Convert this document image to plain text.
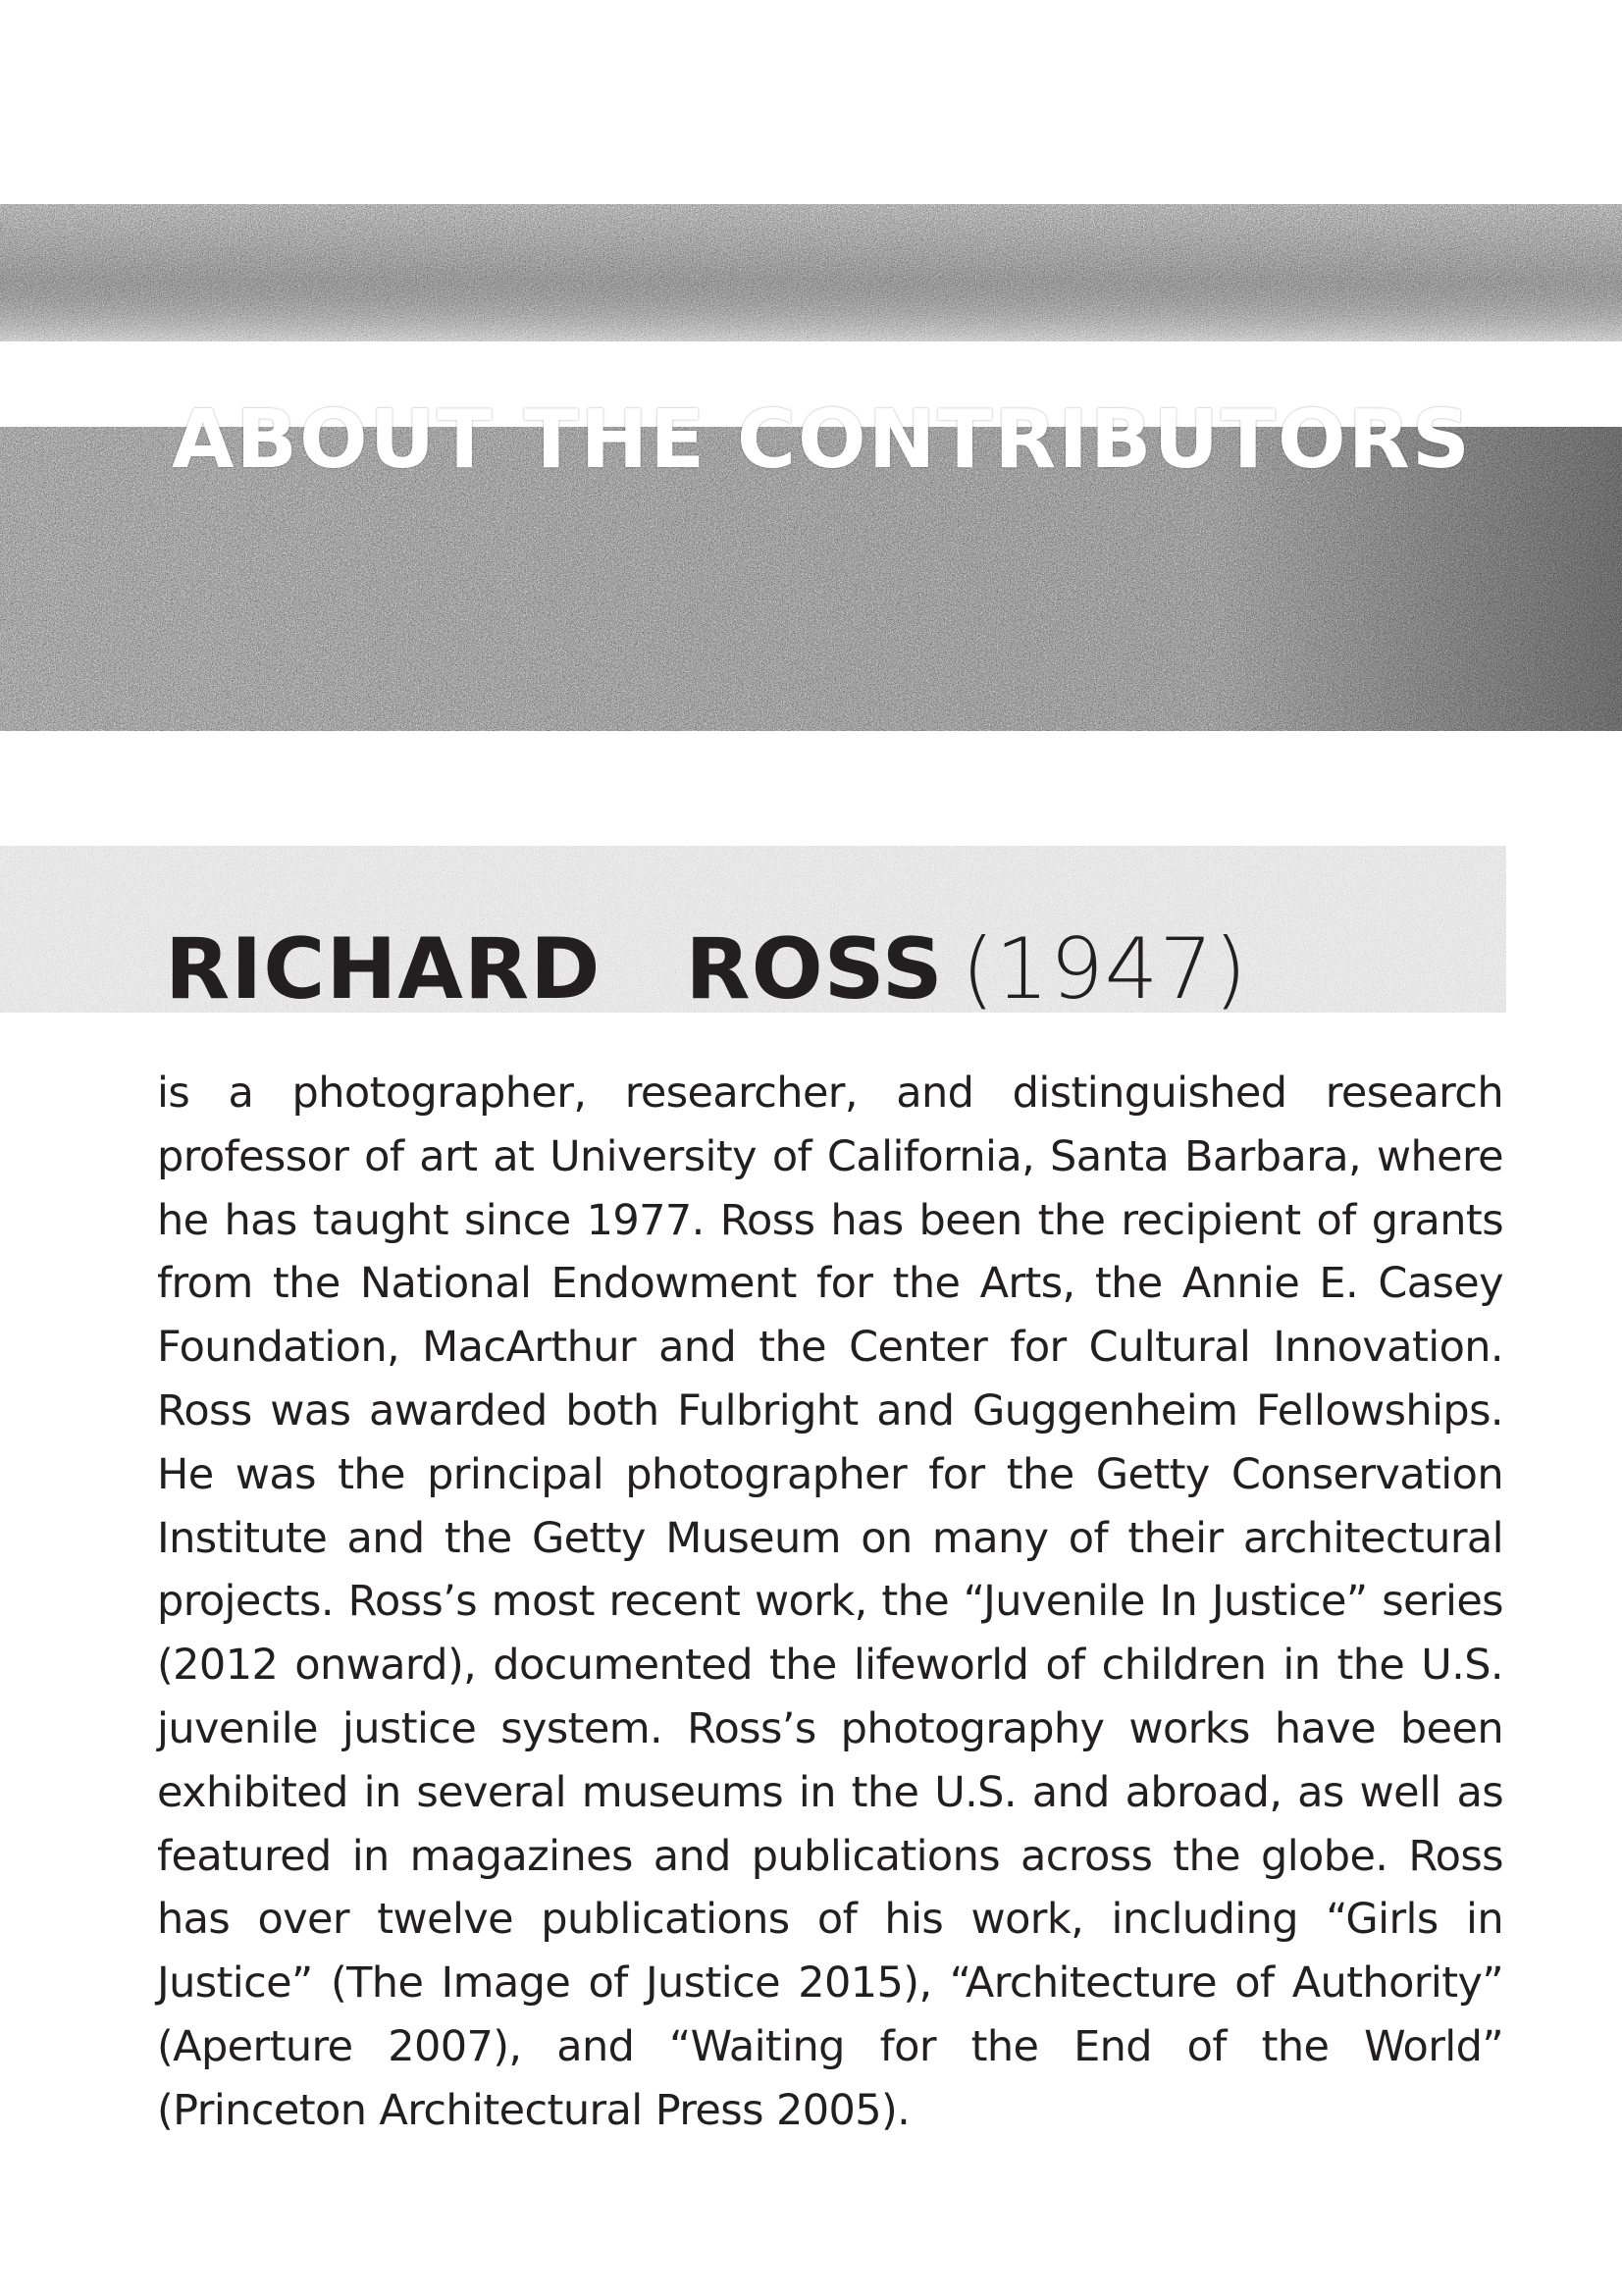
ABOUT THE CONTRIBUTORS
RICHARD  ROSS (1947)
is a photographer, researcher, and distinguished research professor of art at University of California, Santa Barbara, where he has taught since 1977. Ross has been the recipient of grants from the National Endowment for the Arts, the Annie E. Casey Foundation, MacArthur and the Center for Cultural Innovation. Ross was awarded both Fulbright and Guggenheim Fellowships. He was the principal photographer for the Getty Conservation Institute and the Getty Museum on many of their architectural projects. Ross’s most recent work, the “Juvenile In Justice” series (2012 onward), documented the lifeworld of children in the U.S. juvenile justice system. Ross’s photography works have been exhibited in several museums in the U.S. and abroad, as well as featured in magazines and publications across the globe. Ross has over twelve publications of his work, including “Girls in Justice” (The Image of Justice 2015), “Architecture of Authority” (Aperture 2007), and “Waiting for the End of the World” (Princeton Architectural Press 2005).
